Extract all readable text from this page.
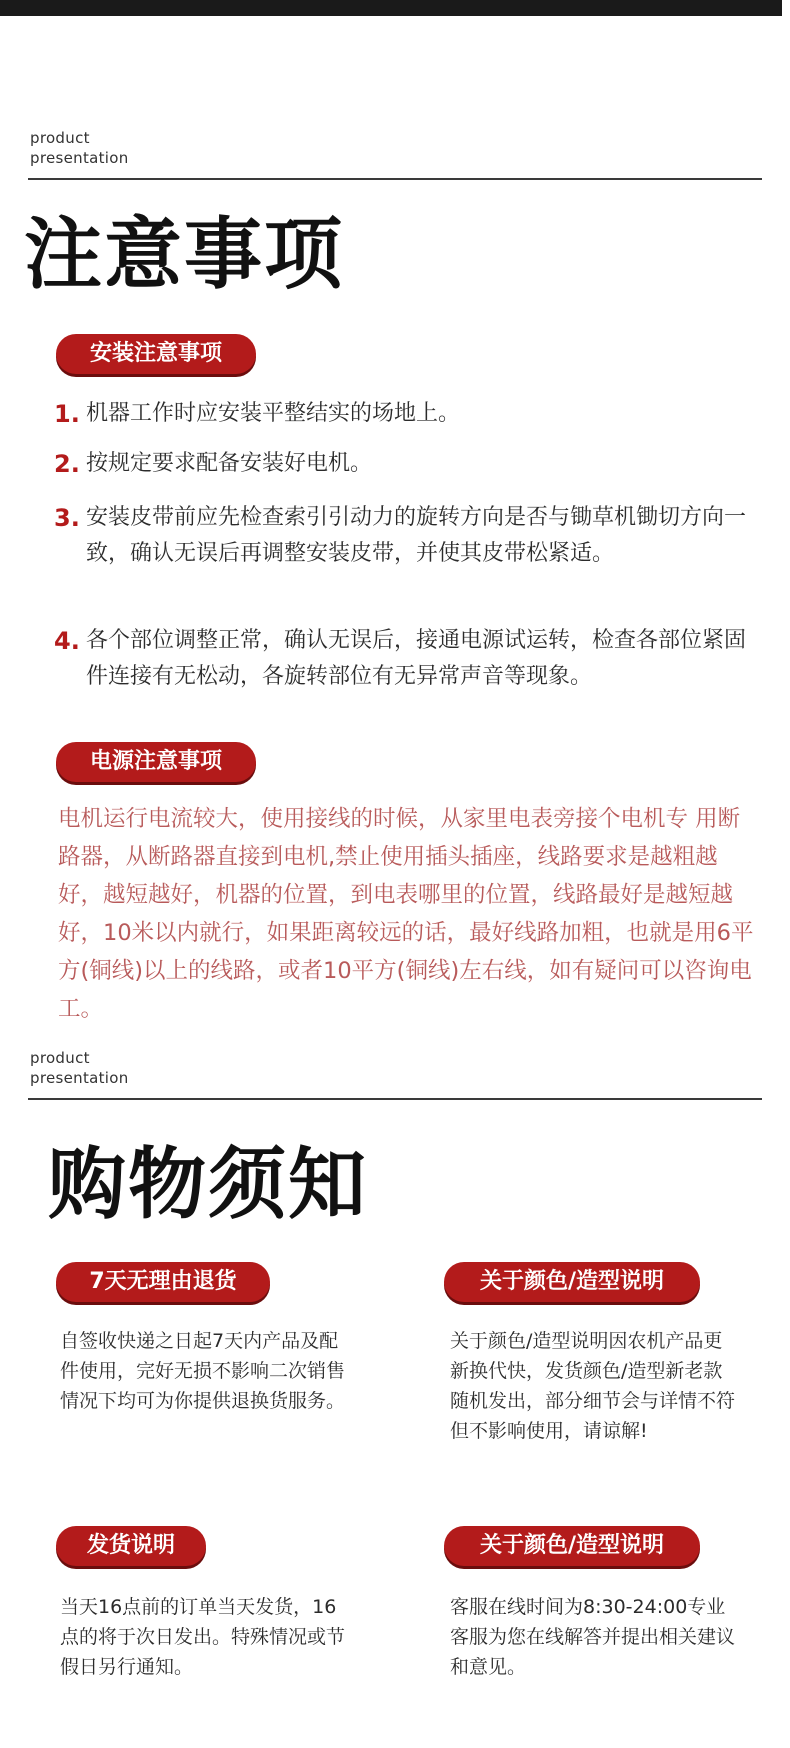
product
presentation
注意事项
安装注意事项
1. 机器工作时应安装平整结实的场地上。
2. 按规定要求配备安装好电机。
3. 安装皮带前应先检查索引引动力的旋转方向是否与锄草机锄切方向一致，确认无误后再调整安装皮带，并使其皮带松紧适。
4. 各个部位调整正常，确认无误后，接通电源试运转，检查各部位紧固件连接有无松动，各旋转部位有无异常声音等现象。
电源注意事项
电机运行电流较大，使用接线的时候，从家里电表旁接个电机专 用断路器，从断路器直接到电机,禁止使用插头插座，线路要求是越粗越好，越短越好，机器的位置，到电表哪里的位置，线路最好是越短越好，10米以内就行，如果距离较远的话，最好线路加粗，也就是用6平方(铜线)以上的线路，或者10平方(铜线)左右线，如有疑问可以咨询电工。
product
presentation
购物须知
7天无理由退货	关于颜色/造型说明
自签收快递之日起7天内产品及配件使用，完好无损不影响二次销售情况下均可为你提供退换货服务。
关于颜色/造型说明因农机产品更新换代快，发货颜色/造型新老款随机发出，部分细节会与详情不符但不影响使用，请谅解!
发货说明	关于颜色/造型说明
当天16点前的订单当天发货，16点的将于次日发出。特殊情况或节假日另行通知。
客服在线时间为8:30-24:00专业客服为您在线解答并提出相关建议和意见。
